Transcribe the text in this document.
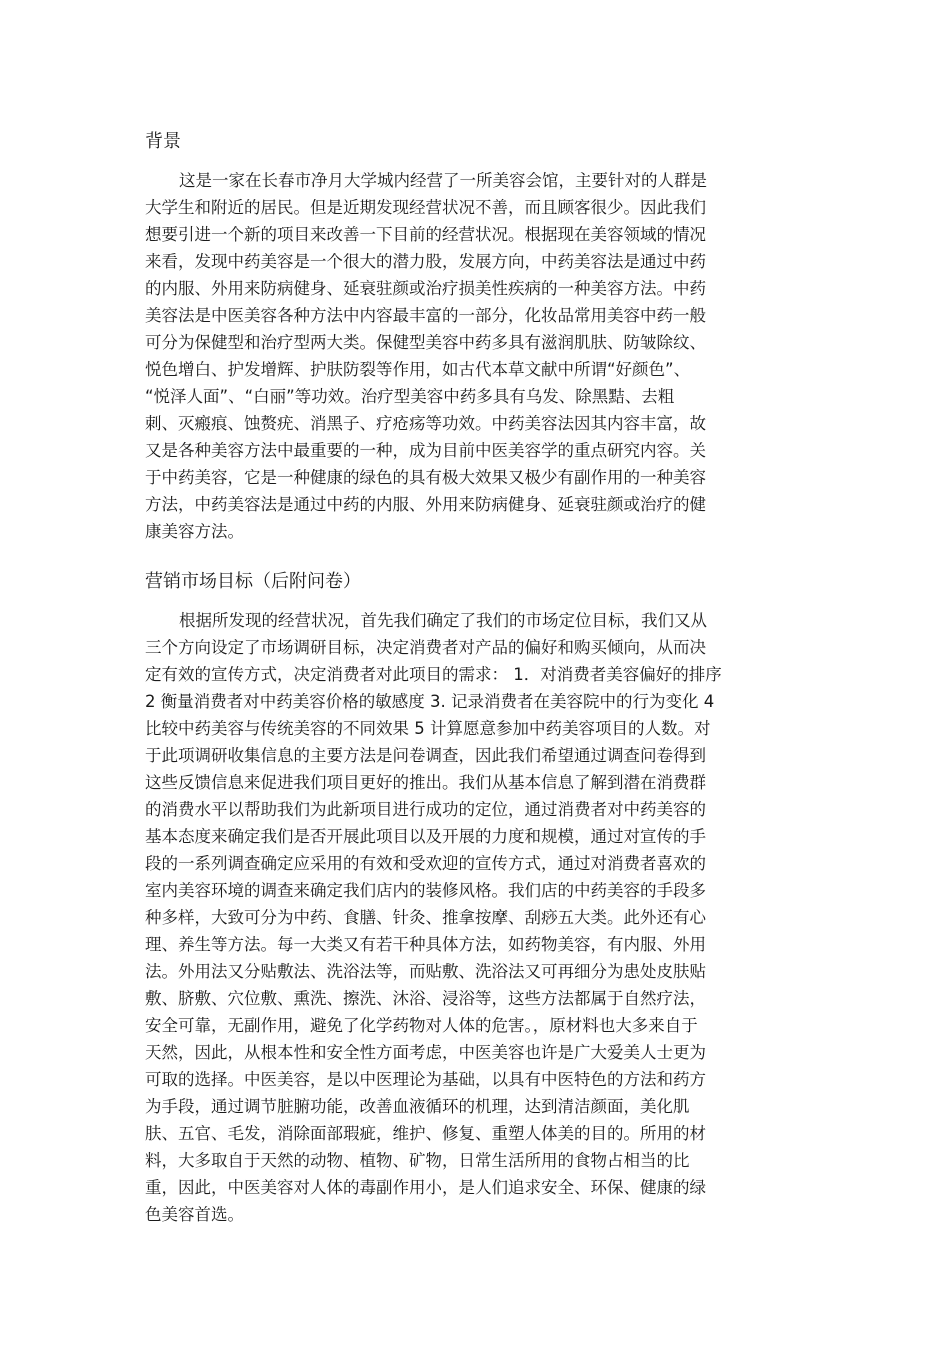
背景

这是一家在长春市净月大学城内经营了一所美容会馆，主要针对的人群是

大学生和附近的居民。但是近期发现经营状况不善，而且顾客很少。因此我们

想要引进一个新的项目来改善一下目前的经营状况。根据现在美容领域的情况

来看，发现中药美容是一个很大的潜力股，发展方向，中药美容法是通过中药

的内服、外用来防病健身、延衰驻颜或治疗损美性疾病的一种美容方法。中药

美容法是中医美容各种方法中内容最丰富的一部分，化妆品常用美容中药一般

可分为保健型和治疗型两大类。保健型美容中药多具有滋润肌肤、防皱除纹、

悦色增白、护发增辉、护肤防裂等作用，如古代本草文献中所谓“好颜色”、

“悦泽人面”、“白丽”等功效。治疗型美容中药多具有乌发、除黑黠、去粗

刺、灭瘢痕、蚀赘疣、消黑子、疗疮疡等功效。中药美容法因其内容丰富，故

又是各种美容方法中最重要的一种，成为目前中医美容学的重点研究内容。关

于中药美容，它是一种健康的绿色的具有极大效果又极少有副作用的一种美容

方法，中药美容法是通过中药的内服、外用来防病健身、延衰驻颜或治疗的健

康美容方法。

营销市场目标（后附问卷）

根据所发现的经营状况，首先我们确定了我们的市场定位目标，我们又从

三个方向设定了市场调研目标，决定消费者对产品的偏好和购买倾向，从而决

定有效的宣传方式，决定消费者对此项目的需求： 1．对消费者美容偏好的排序

2 衡量消费者对中药美容价格的敏感度 3. 记录消费者在美容院中的行为变化 4

比较中药美容与传统美容的不同效果 5 计算愿意参加中药美容项目的人数。对

于此项调研收集信息的主要方法是问卷调查，因此我们希望通过调查问卷得到

这些反馈信息来促进我们项目更好的推出。我们从基本信息了解到潜在消费群

的消费水平以帮助我们为此新项目进行成功的定位，通过消费者对中药美容的

基本态度来确定我们是否开展此项目以及开展的力度和规模，通过对宣传的手

段的一系列调查确定应采用的有效和受欢迎的宣传方式，通过对消费者喜欢的

室内美容环境的调查来确定我们店内的装修风格。我们店的中药美容的手段多

种多样，大致可分为中药、食膳、针灸、推拿按摩、刮痧五大类。此外还有心

理、养生等方法。每一大类又有若干种具体方法，如药物美容，有内服、外用

法。外用法又分贴敷法、洗浴法等，而贴敷、洗浴法又可再细分为患处皮肤贴

敷、脐敷、穴位敷、熏洗、擦洗、沐浴、浸浴等，这些方法都属于自然疗法，

安全可靠，无副作用，避免了化学药物对人体的危害。，原材料也大多来自于

天然，因此，从根本性和安全性方面考虑，中医美容也许是广大爱美人士更为

可取的选择。中医美容，是以中医理论为基础，以具有中医特色的方法和药方

为手段，通过调节脏腑功能，改善血液循环的机理，达到清洁颜面，美化肌

肤、五官、毛发，消除面部瑕疵，维护、修复、重塑人体美的目的。所用的材

料，大多取自于天然的动物、植物、矿物，日常生活所用的食物占相当的比

重，因此，中医美容对人体的毒副作用小，是人们追求安全、环保、健康的绿

色美容首选。
